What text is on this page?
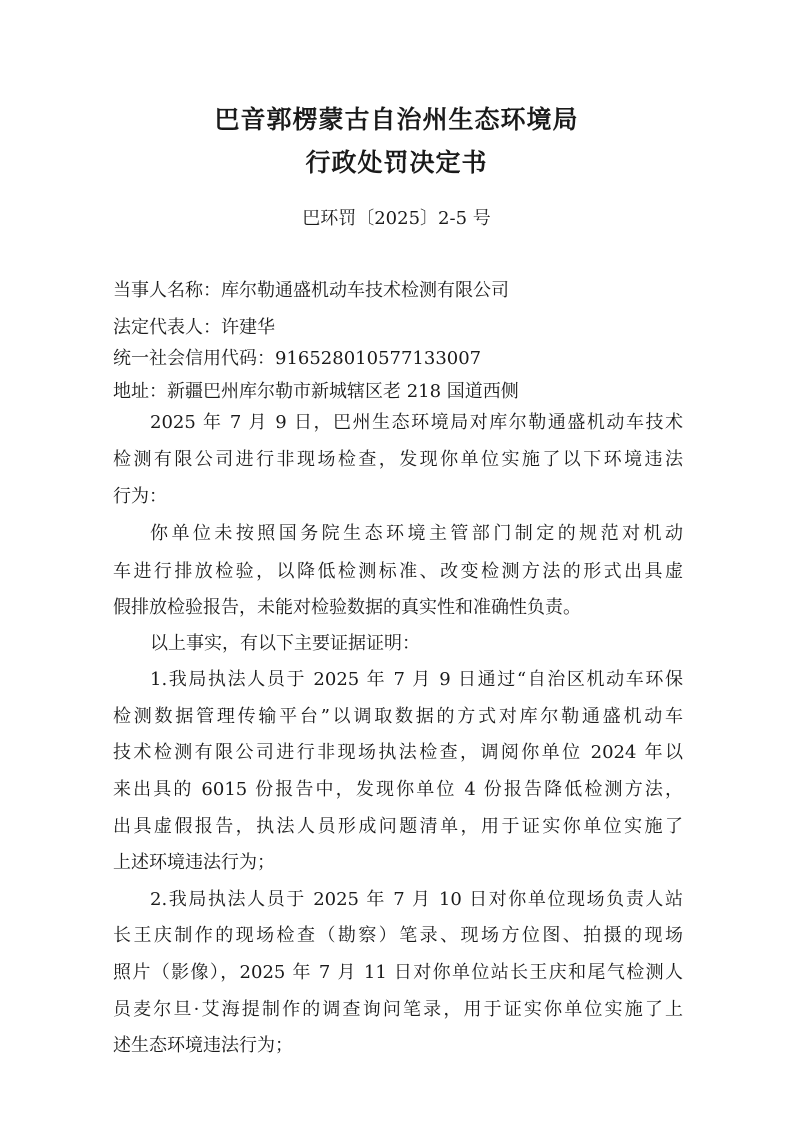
巴音郭楞蒙古自治州生态环境局
行政处罚决定书
巴环罚〔2025〕2-5 号
当事人名称：库尔勒通盛机动车技术检测有限公司
法定代表人：许建华
统一社会信用代码：916528010577133007
地址：新疆巴州库尔勒市新城辖区老 218 国道西侧
2025 年 7 月 9 日，巴州生态环境局对库尔勒通盛机动车技术
检测有限公司进行非现场检查，发现你单位实施了以下环境违法
行为：
你单位未按照国务院生态环境主管部门制定的规范对机动
车进行排放检验，以降低检测标准、改变检测方法的形式出具虚
假排放检验报告，未能对检验数据的真实性和准确性负责。
以上事实，有以下主要证据证明：
1.我局执法人员于 2025 年 7 月 9 日通过“自治区机动车环保
检测数据管理传输平台”以调取数据的方式对库尔勒通盛机动车
技术检测有限公司进行非现场执法检查，调阅你单位 2024 年以
来出具的 6015 份报告中，发现你单位 4 份报告降低检测方法，
出具虚假报告，执法人员形成问题清单，用于证实你单位实施了
上述环境违法行为；
2.我局执法人员于 2025 年 7 月 10 日对你单位现场负责人站
长王庆制作的现场检查（勘察）笔录、现场方位图、拍摄的现场
照片（影像），2025 年 7 月 11 日对你单位站长王庆和尾气检测人
员麦尔旦·艾海提制作的调查询问笔录，用于证实你单位实施了上
述生态环境违法行为；
